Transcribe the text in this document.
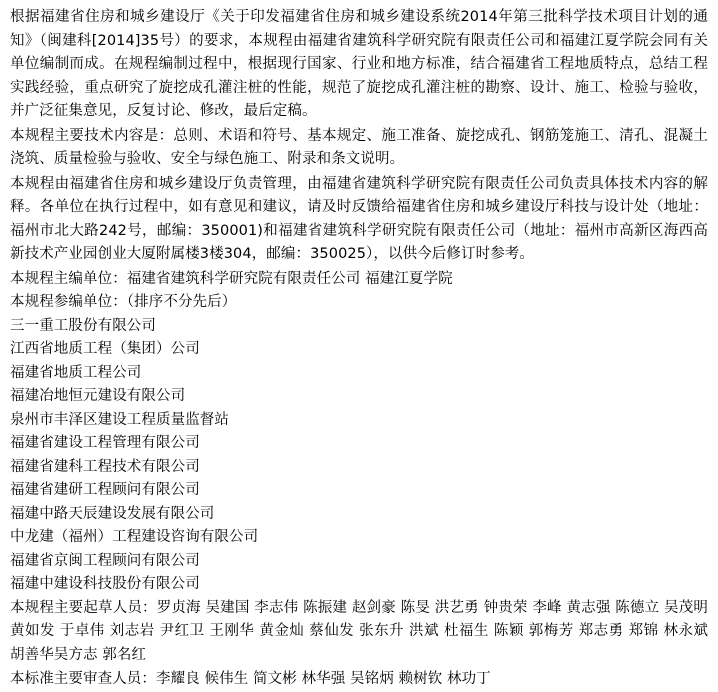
根据福建省住房和城乡建设厅《关于印发福建省住房和城乡建设系统2014年第三批科学技术项目计划的通知》（闽建科[2014]35号）的要求，本规程由福建省建筑科学研究院有限责任公司和福建江夏学院会同有关单位编制而成。在规程编制过程中，根据现行国家、行业和地方标准，结合福建省工程地质特点，总结工程实践经验，重点研究了旋挖成孔灌注桩的性能，规范了旋挖成孔灌注桩的勘察、设计、施工、检验与验收，并广泛征集意见，反复讨论、修改，最后定稿。

本规程主要技术内容是：总则、术语和符号、基本规定、施工准备、旋挖成孔、钢筋笼施工、清孔、混凝土浇筑、质量检验与验收、安全与绿色施工、附录和条文说明。

本规程由福建省住房和城乡建设厅负责管理，由福建省建筑科学研究院有限责任公司负责具体技术内容的解释。各单位在执行过程中，如有意见和建议，请及时反馈给福建省住房和城乡建设厅科技与设计处（地址：福州市北大路242号，邮编：350001)和福建省建筑科学研究院有限责任公司（地址：福州市高新区海西高新技术产业园创业大厦附属楼3楼304，邮编：350025），以供今后修订时参考。

本规程主编单位：福建省建筑科学研究院有限责任公司 福建江夏学院

本规程参编单位：（排序不分先后）

三一重工股份有限公司
江西省地质工程（集团）公司
福建省地质工程公司
福建冶地恒元建设有限公司
泉州市丰泽区建设工程质量监督站
福建省建设工程管理有限公司
福建省建科工程技术有限公司
福建省建研工程顾问有限公司
福建中路天辰建设发展有限公司
中龙建（福州）工程建设咨询有限公司
福建省京闽工程顾问有限公司
福建中建设科技股份有限公司

本规程主要起草人员：罗贞海 吴建国 李志伟 陈振建 赵剑豪 陈旻 洪艺勇 钟贵荣 李峰 黄志强 陈德立 吴茂明 黄如发 于卓伟 刘志岩 尹红卫 王刚华 黄金灿 蔡仙发 张东升 洪斌 杜福生 陈颖 郭梅芳 郑志勇 郑锦 林永斌 胡善华吴方志 郭名红

本标准主要审查人员：李耀良 候伟生 简文彬 林华强 吴铭炳 赖树钦 林功丁
